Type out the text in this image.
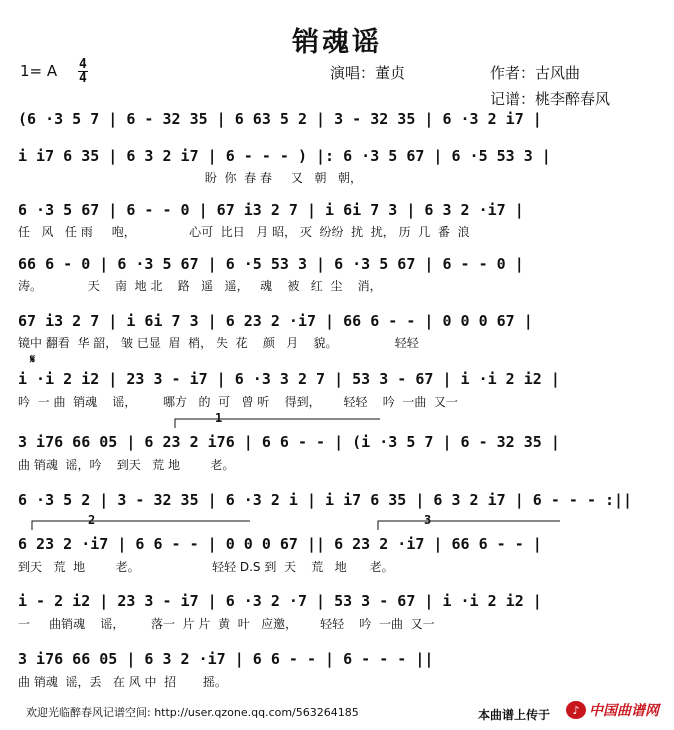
销魂谣
1= A 4
4	演唱：董贞	作者：古风曲
记谱：桃李醉春风
(6 ·3 5 7 | 6 - 32 35 | 6 63 5 2 | 3 - 32 35 | 6 ·3 2 i7 |
i i7 6 35 | 6 3 2 i7 | 6 - - - ) |: 6 ·3 5 67 | 6 ·5 53 3 |
盼  你  春 春     又   朝   朝，
6 ·3 5 67 | 6 - - 0 | 67 i3 2 7 | i 6i 7 3 | 6 3 2 ·i7 |
任   风   任 雨     咆，              心可  比日   月 昭， 灭  纷纷  扰  扰， 历  几  番  浪
66 6 - 0 | 6 ·3 5 67 | 6 ·5 53 3 | 6 ·3 5 67 | 6 - - 0 |
涛。            天    南  地 北    路   遥   遥，   魂    被   红  尘    消，
67 i3 2 7 | i 6i 7 3 | 6 23 2 ·i7 | 66 6 - - | 0 0 0 67 |
镜中 翻看  华 韶， 皱 已显  眉  梢， 失  花    颜   月    貌。               轻轻
𝄋
i ·i 2 i2 | 23 3 - i7 | 6 ·3 3 2 7 | 53 3 - 67 | i ·i 2 i2 |
吟  一 曲  销魂    谣，       哪方   的  可   曾 听    得到，      轻轻    吟  一曲  又一
1
3 i76 66 05 | 6 23 2 i76 | 6 6 - - | (i ·3 5 7 | 6 - 32 35 |
曲 销魂  谣，吟    到天   荒 地        老。
6 ·3 5 2 | 3 - 32 35 | 6 ·3 2 i | i i7 6 35 | 6 3 2 i7 | 6 - - - :||
2	3
6 23 2 ·i7 | 6 6 - - | 0 0 0 67 || 6 23 2 ·i7 | 66 6 - - |
到天   荒  地        老。                   轻轻 D.S 到  天    荒   地      老。
i - 2 i2 | 23 3 - i7 | 6 ·3 2 ·7 | 53 3 - 67 | i ·i 2 i2 |
一     曲销魂    谣，       落一  片 片  黄  叶   应邀，      轻轻    吟  一曲  又一
3 i76 66 05 | 6 3 2 ·i7 | 6 6 - - | 6 - - - ||
曲 销魂  谣，丢   在 风 中  招       摇。
欢迎光临醉春风记谱空间: http://user.qzone.qq.com/563264185	本曲谱上传于	♪ 中国曲谱网
